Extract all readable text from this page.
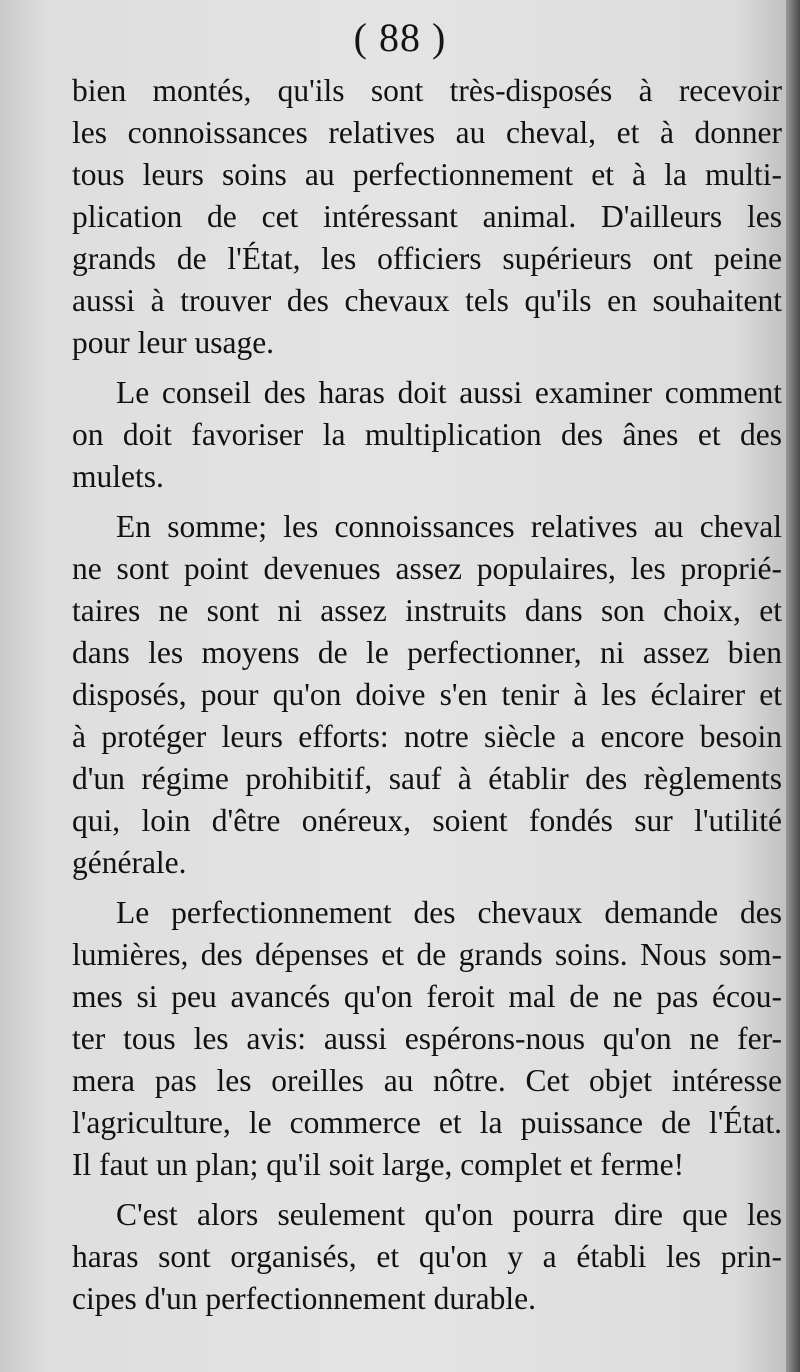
( 88 )
bien montés, qu'ils sont très-disposés à recevoir
les connoissances relatives au cheval, et à donner
tous leurs soins au perfectionnement et à la multi-
plication de cet intéressant animal. D'ailleurs les
grands de l'État, les officiers supérieurs ont peine
aussi à trouver des chevaux tels qu'ils en souhaitent
pour leur usage.
Le conseil des haras doit aussi examiner comment
on doit favoriser la multiplication des ânes et des
mulets.
En somme; les connoissances relatives au cheval
ne sont point devenues assez populaires, les proprié-
taires ne sont ni assez instruits dans son choix, et
dans les moyens de le perfectionner, ni assez bien
disposés, pour qu'on doive s'en tenir à les éclairer et
à protéger leurs efforts: notre siècle a encore besoin
d'un régime prohibitif, sauf à établir des règlements
qui, loin d'être onéreux, soient fondés sur l'utilité
générale.
Le perfectionnement des chevaux demande des
lumières, des dépenses et de grands soins. Nous som-
mes si peu avancés qu'on feroit mal de ne pas écou-
ter tous les avis: aussi espérons-nous qu'on ne fer-
mera pas les oreilles au nôtre. Cet objet intéresse
l'agriculture, le commerce et la puissance de l'État.
Il faut un plan; qu'il soit large, complet et ferme!
C'est alors seulement qu'on pourra dire que les
haras sont organisés, et qu'on y a établi les prin-
cipes d'un perfectionnement durable.
